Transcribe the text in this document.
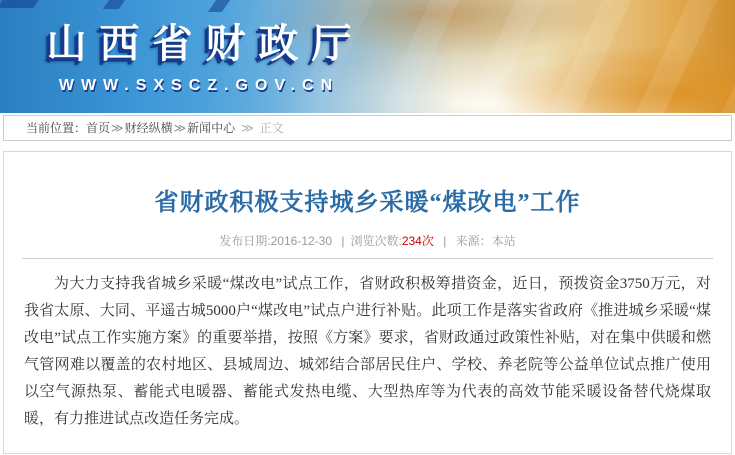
山西省财政厅
WWW.SXSCZ.GOV.CN
当前位置：首页≫财经纵横≫新闻中心 ≫ 正文
省财政积极支持城乡采暖“煤改电”工作
发布日期:2016-12-30 | 浏览次数:234次 | 来源：本站

为大力支持我省城乡采暖“煤改电”试点工作，省财政积极筹措资金，近日，预拨资金3750万元，对我省太原、大同、平遥古城5000户“煤改电”试点户进行补贴。此项工作是落实省政府《推进城乡采暖“煤改电”试点工作实施方案》的重要举措，按照《方案》要求，省财政通过政策性补贴，对在集中供暖和燃气管网难以覆盖的农村地区、县城周边、城郊结合部居民住户、学校、养老院等公益单位试点推广使用以空气源热泵、蓄能式电暖器、蓄能式发热电缆、大型热库等为代表的高效节能采暖设备替代烧煤取暖，有力推进试点改造任务完成。
